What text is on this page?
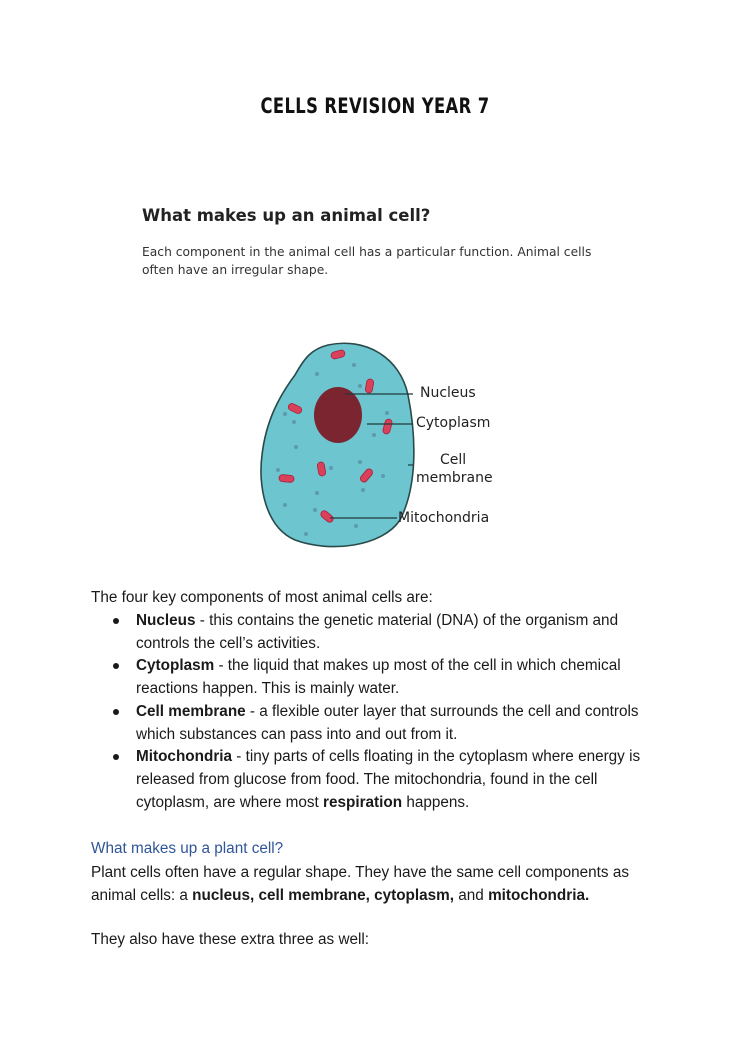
CELLS REVISION YEAR 7
What makes up an animal cell?
Each component in the animal cell has a particular function. Animal cells
often have an irregular shape.
Nucleus
Cytoplasm
Cell
membrane
Mitochondria
The four key components of most animal cells are:
Nucleus - this contains the genetic material (DNA) of the organism and
controls the cell’s activities.
Cytoplasm - the liquid that makes up most of the cell in which chemical
reactions happen. This is mainly water.
Cell membrane - a flexible outer layer that surrounds the cell and controls
which substances can pass into and out from it.
Mitochondria - tiny parts of cells floating in the cytoplasm where energy is
released from glucose from food. The mitochondria, found in the cell
cytoplasm, are where most respiration happens.
What makes up a plant cell?
Plant cells often have a regular shape. They have the same cell components as
animal cells: a nucleus, cell membrane, cytoplasm, and mitochondria.
They also have these extra three as well:
